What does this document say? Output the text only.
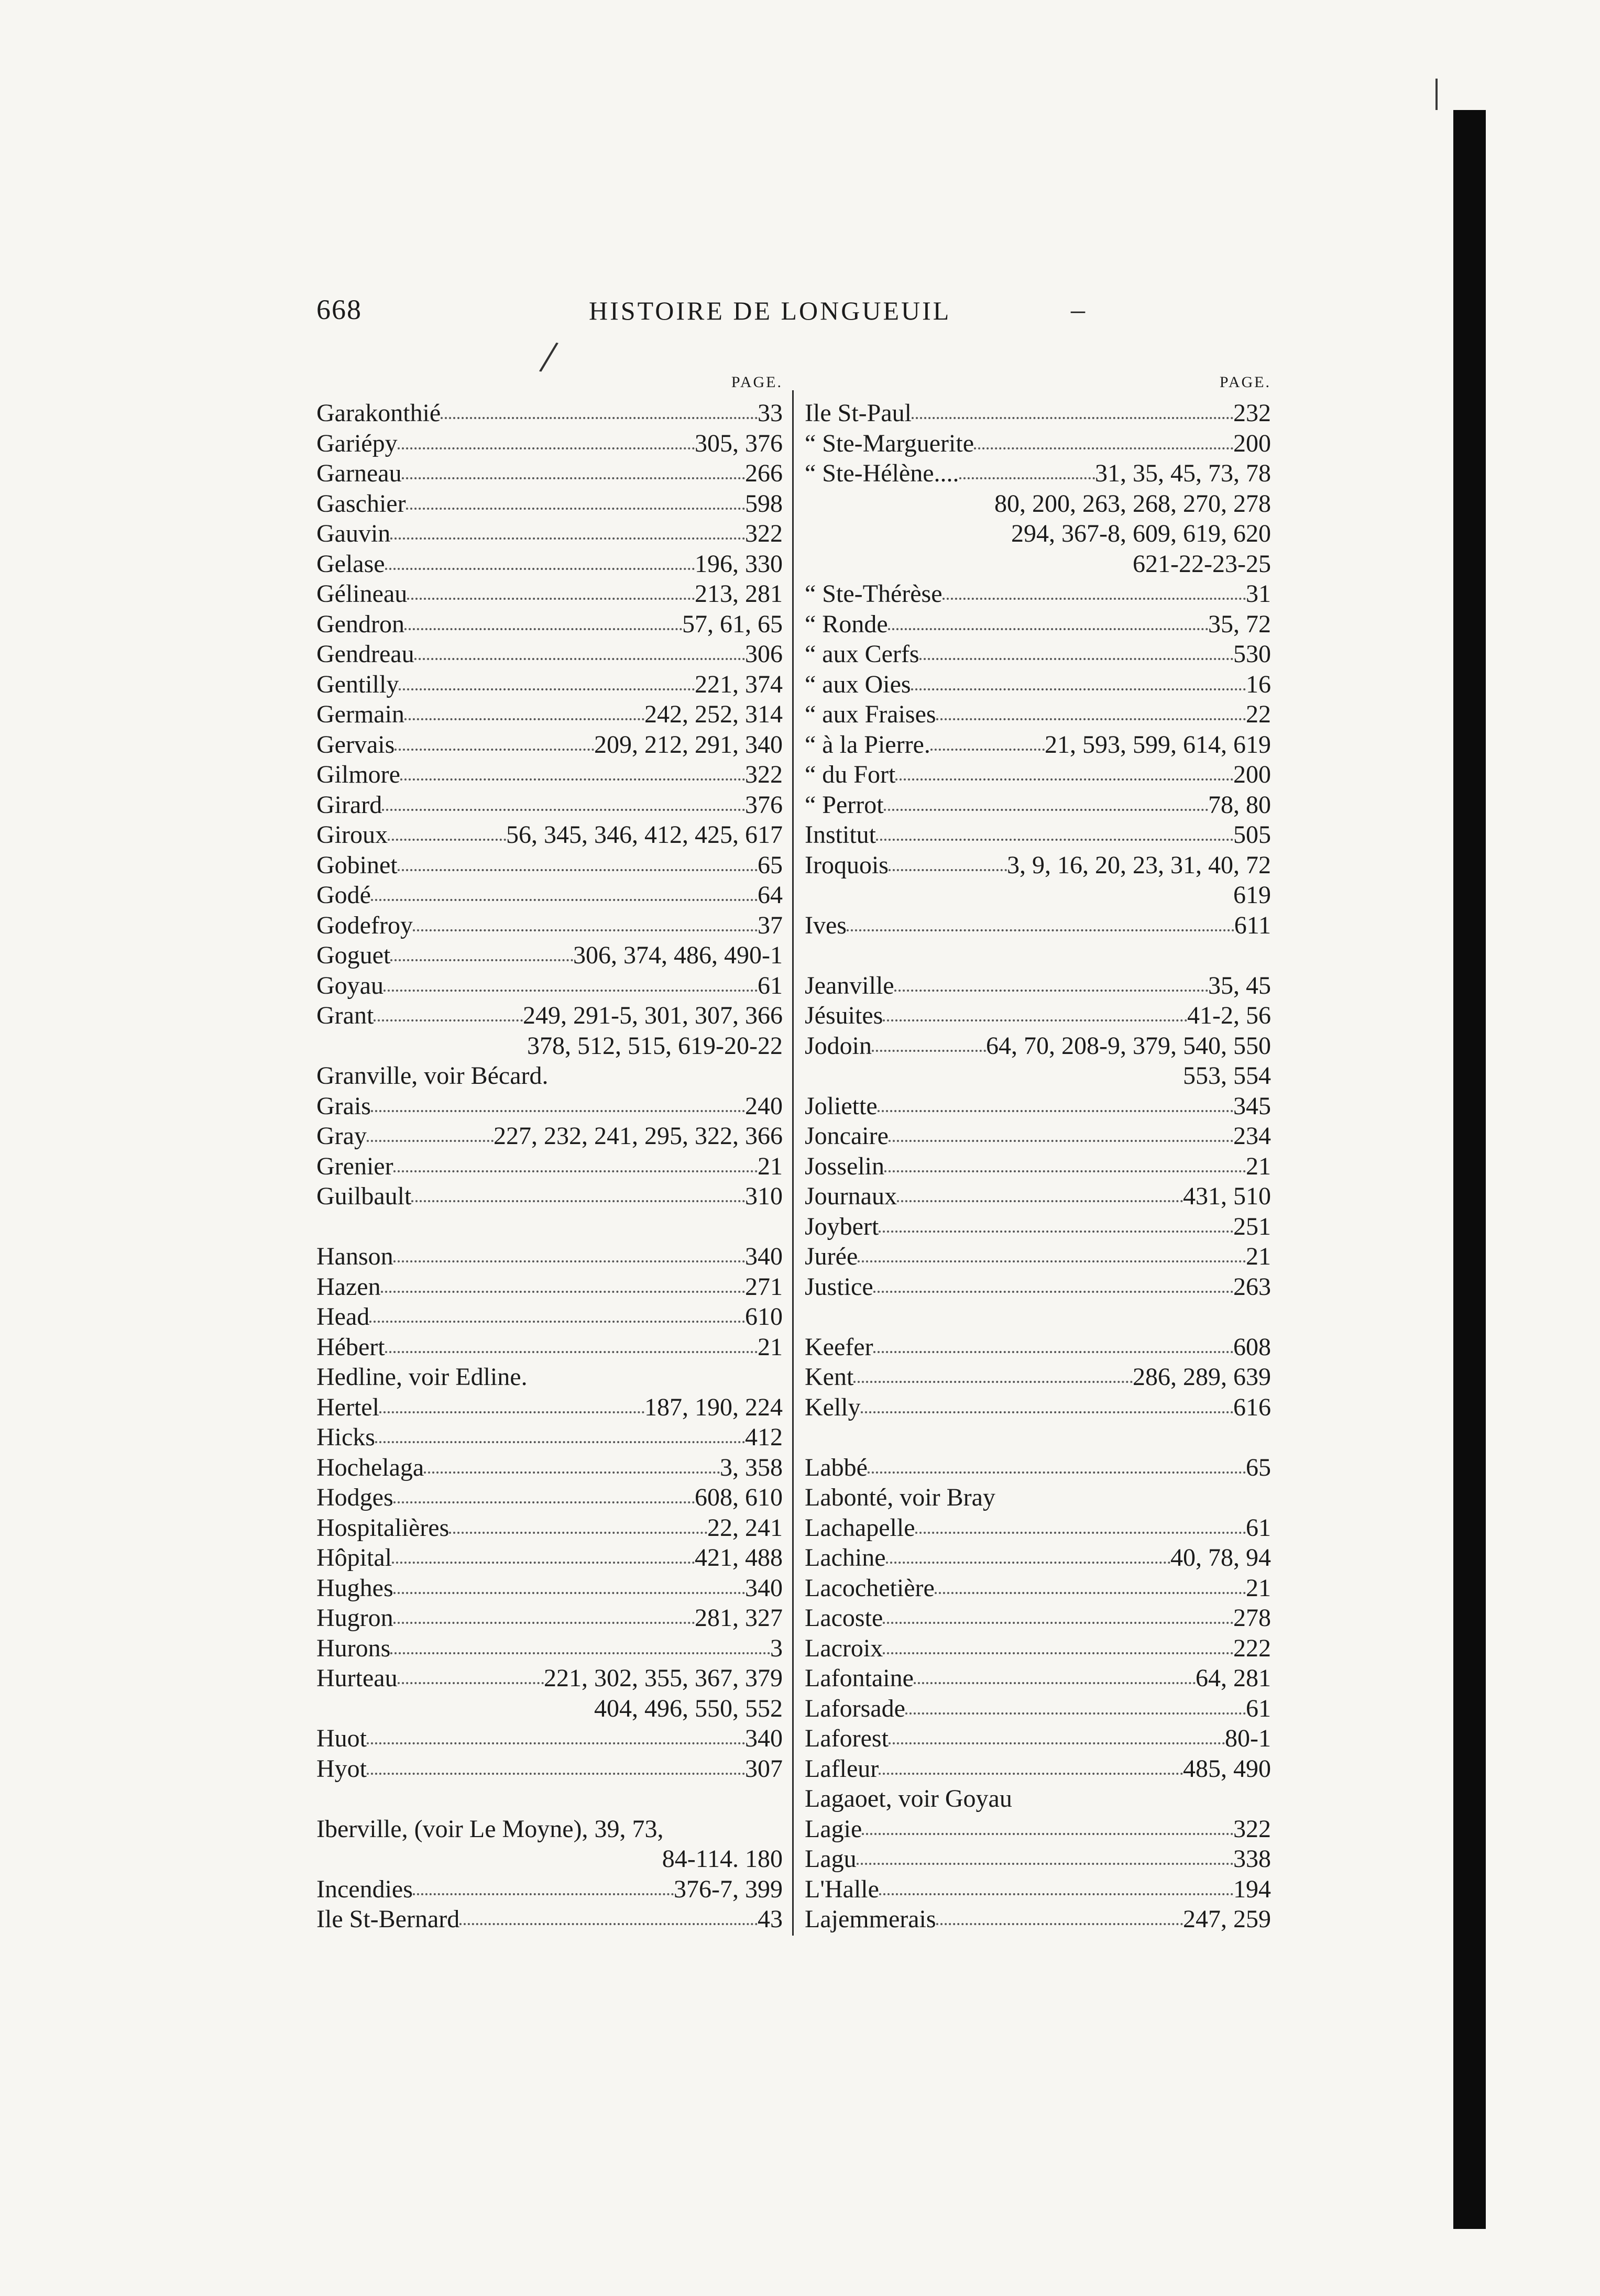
668	HISTOIRE DE LONGUEUIL	–
/	PAGE.
Garakonthié	33
Gariépy	305, 376
Garneau	266
Gaschier	598
Gauvin	322
Gelase	196, 330
Gélineau	213, 281
Gendron	57, 61, 65
Gendreau	306
Gentilly	221, 374
Germain	242, 252, 314
Gervais	209, 212, 291, 340
Gilmore	322
Girard	376
Giroux	56, 345, 346, 412, 425, 617
Gobinet	65
Godé	64
Godefroy	37
Goguet	306, 374, 486, 490-1
Goyau	61
Grant	249, 291-5, 301, 307, 366
378, 512, 515, 619-20-22
Granville, voir Bécard.
Grais	240
Gray	227, 232, 241, 295, 322, 366
Grenier	21
Guilbault	310
Hanson	340
Hazen	271
Head	610
Hébert	21
Hedline, voir Edline.
Hertel	187, 190, 224
Hicks	412
Hochelaga	3, 358
Hodges	608, 610
Hospitalières	22, 241
Hôpital	421, 488
Hughes	340
Hugron	281, 327
Hurons	3
Hurteau	221, 302, 355, 367, 379
404, 496, 550, 552
Huot	340
Hyot	307
Iberville, (voir Le Moyne), 39, 73,
84-114. 180
Incendies	376-7, 399
Ile St-Bernard	43
PAGE.
Ile St-Paul	232
“ Ste-Marguerite	200
“ Ste-Hélène....	31, 35, 45, 73, 78
80, 200, 263, 268, 270, 278
294, 367-8, 609, 619, 620
621-22-23-25
“ Ste-Thérèse	31
“ Ronde	35, 72
“ aux Cerfs	530
“ aux Oies	16
“ aux Fraises	22
“ à la Pierre.	21, 593, 599, 614, 619
“ du Fort	200
“ Perrot	78, 80
Institut	505
Iroquois	3, 9, 16, 20, 23, 31, 40, 72
619
Ives	611
Jeanville	35, 45
Jésuites	41-2, 56
Jodoin	64, 70, 208-9, 379, 540, 550
553, 554
Joliette	345
Joncaire	234
Josselin	21
Journaux	431, 510
Joybert	251
Jurée	21
Justice	263
Keefer	608
Kent	286, 289, 639
Kelly	616
Labbé	65
Labonté, voir Bray
Lachapelle	61
Lachine	40, 78, 94
Lacochetière	21
Lacoste	278
Lacroix	222
Lafontaine	64, 281
Laforsade	61
Laforest	80-1
Lafleur	485, 490
Lagaoet, voir Goyau
Lagie	322
Lagu	338
L'Halle	194
Lajemmerais	247, 259
